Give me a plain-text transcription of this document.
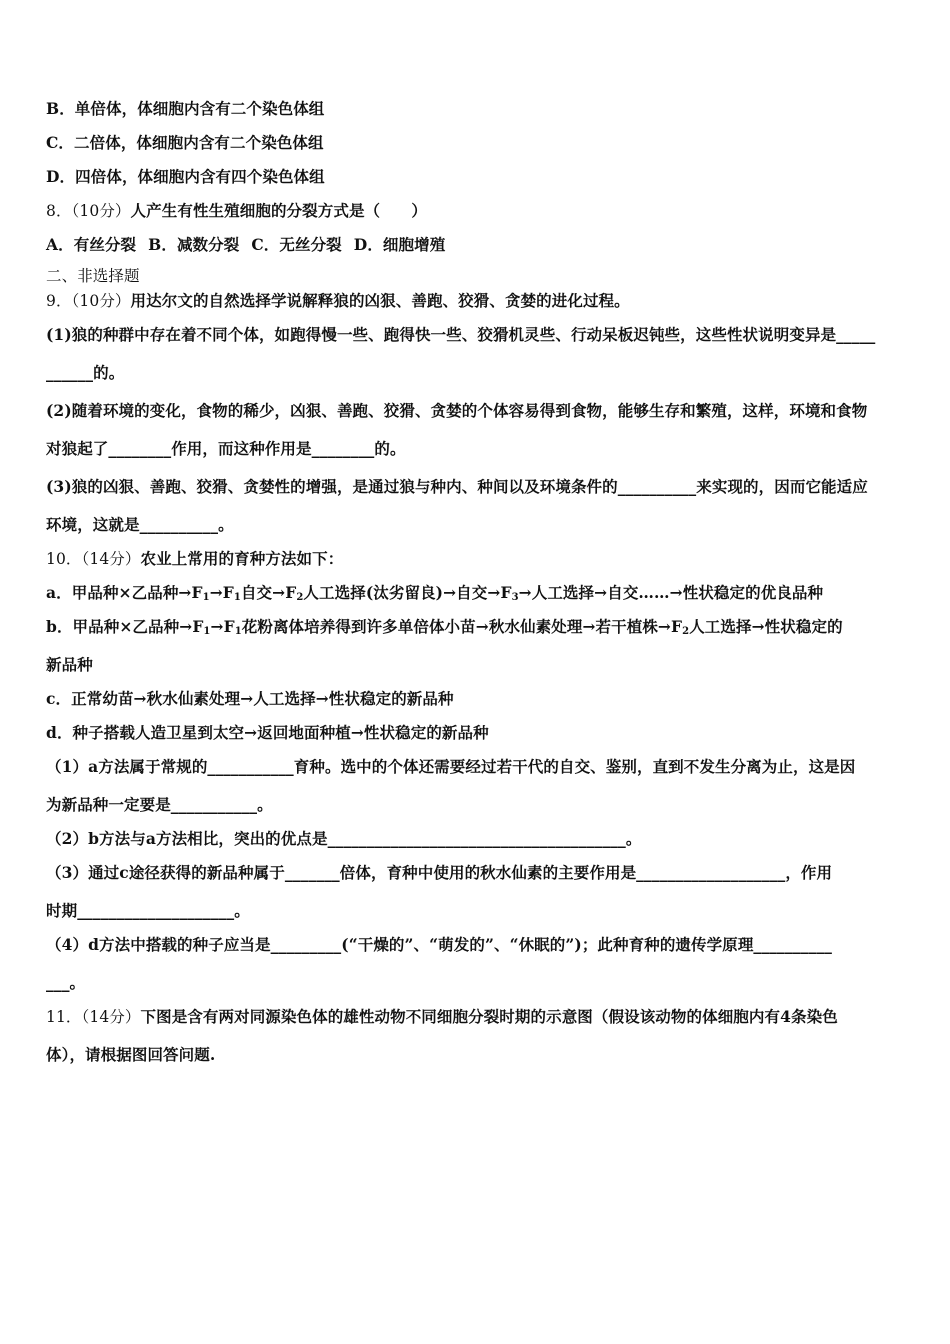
B．单倍体，体细胞内含有二个染色体组
C．二倍体，体细胞内含有二个染色体组
D．四倍体，体细胞内含有四个染色体组
8．（10分）人产生有性生殖细胞的分裂方式是（　　）
A．有丝分裂 B．减数分裂 C．无丝分裂 D．细胞增殖
二、非选择题
9．（10分）用达尔文的自然选择学说解释狼的凶狠、善跑、狡猾、贪婪的进化过程。
(1)狼的种群中存在着不同个体，如跑得慢一些、跑得快一些、狡猾机灵些、行动呆板迟钝些，这些性状说明变异是_____
______的。
(2)随着环境的变化，食物的稀少，凶狠、善跑、狡猾、贪婪的个体容易得到食物，能够生存和繁殖，这样，环境和食物
对狼起了________作用，而这种作用是________的。
(3)狼的凶狠、善跑、狡猾、贪婪性的增强，是通过狼与种内、种间以及环境条件的__________来实现的，因而它能适应
环境，这就是__________。
10．（14分）农业上常用的育种方法如下：
a．甲品种×乙品种$\to F_1\to F_1$自交$\to F_2$人工选择(汰劣留良)→自交$\to F_3\to$人工选择→自交……→性状稳定的优良品种
b．甲品种×乙品种$\to F_1\to F_1$花粉离体培养得到许多单倍体小苗→秋水仙素处理→若干植株$\to F_2$人工选择→性状稳定的
新品种
c．正常幼苗→秋水仙素处理→人工选择→性状稳定的新品种
d．种子搭载人造卫星到太空→返回地面种植→性状稳定的新品种
（1）a方法属于常规的___________育种。选中的个体还需要经过若干代的自交、鉴别，直到不发生分离为止，这是因
为新品种一定要是___________。
（2）b方法与a方法相比，突出的优点是______________________________________。
（3）通过c途径获得的新品种属于_______倍体，育种中使用的秋水仙素的主要作用是___________________，作用
时期____________________。
（4）d方法中搭载的种子应当是_________(“干燥的”、“萌发的”、“休眠的”)；此种育种的遗传学原理__________
___。
11．（14分）下图是含有两对同源染色体的雄性动物不同细胞分裂时期的示意图（假设该动物的体细胞内有4条染色
体），请根据图回答问题.
